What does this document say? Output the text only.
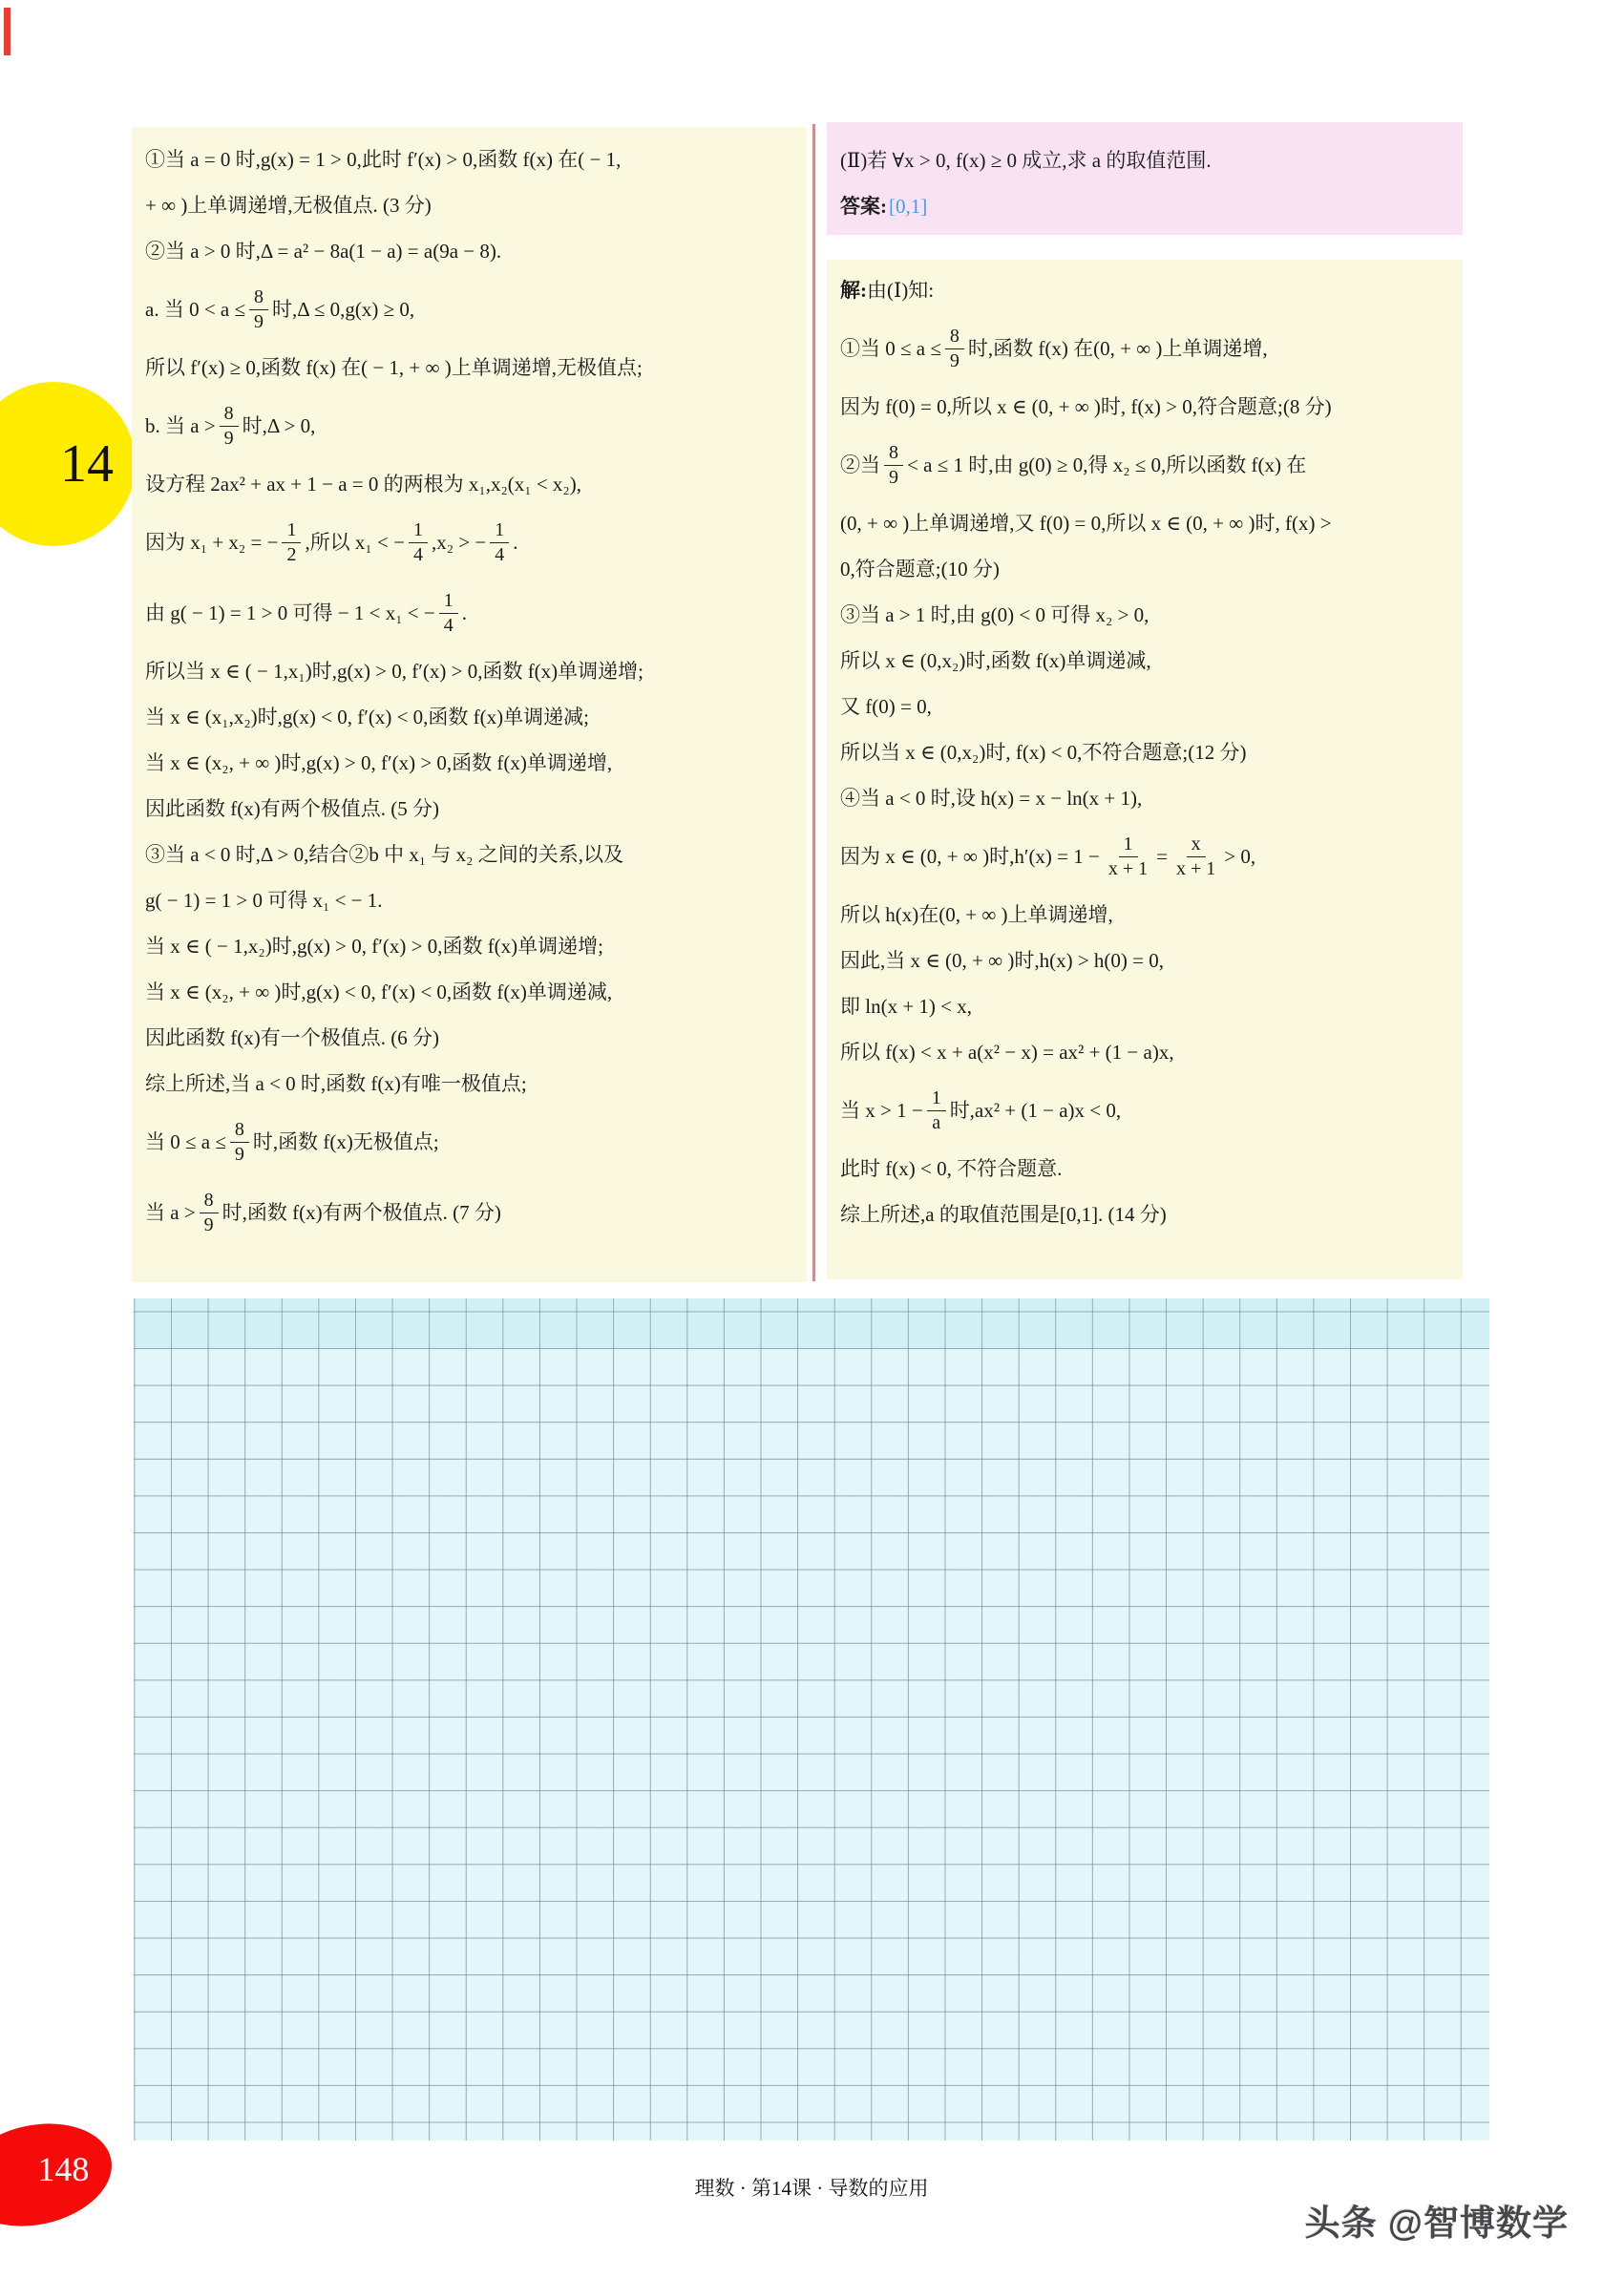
14
①当 a = 0 时,g(x) = 1 > 0,此时 f′(x) > 0,函数 f(x) 在( − 1,
+ ∞ )上单调递增,无极值点. (3 分)
②当 a > 0 时,Δ = a² − 8a(1 − a) = a(9a − 8).
a. 当 $0 < a \le \frac{8}{9}$ 时,Δ ≤ 0,g(x) ≥ 0,
所以 f′(x) ≥ 0,函数 f(x) 在( − 1, + ∞ )上单调递增,无极值点;
b. 当 $a > \frac{8}{9}$ 时,Δ > 0,
设方程 2ax² + ax + 1 − a = 0 的两根为 x₁,x₂(x₁ < x₂),
因为 x₁ + x₂ = − $\frac{1}{2}$ ,所以 x₁ < − $\frac{1}{4} ,x_2$ > − $\frac{1}{4}$ .
由 g( − 1) = 1 > 0 可得 − 1 < x₁ < − $\frac{1}{4}$ .
所以当 x ∈ ( − 1,x₁)时,g(x) > 0, f′(x) > 0,函数 f(x)单调递增;
当 x ∈ (x₁,x₂)时,g(x) < 0, f′(x) < 0,函数 f(x)单调递减;
当 x ∈ (x₂, + ∞ )时,g(x) > 0, f′(x) > 0,函数 f(x)单调递增,
因此函数 f(x)有两个极值点. (5 分)
③当 a < 0 时,Δ > 0,结合②b 中 x₁ 与 x₂ 之间的关系,以及
g( − 1) = 1 > 0 可得 x₁ < − 1.
当 x ∈ ( − 1,x₂)时,g(x) > 0, f′(x) > 0,函数 f(x)单调递增;
当 x ∈ (x₂, + ∞ )时,g(x) < 0, f′(x) < 0,函数 f(x)单调递减,
因此函数 f(x)有一个极值点. (6 分)
综上所述,当 a < 0 时,函数 f(x)有唯一极值点;
当 $0 \le a \le \frac{8}{9}$ 时,函数 f(x)无极值点;
当 $a > \frac{8}{9}$ 时,函数 f(x)有两个极值点. (7 分)
(Ⅱ)若 ∀x > 0, f(x) ≥ 0 成立,求 a 的取值范围.
答案: [0,1]
解: 由(Ⅰ)知:
①当 $0 \le a \le \frac{8}{9}$ 时,函数 f(x) 在(0, + ∞ )上单调递增,
因为 f(0) = 0,所以 x ∈ (0, + ∞ )时, f(x) > 0,符合题意;(8 分)
②当 $\frac{8}{9} < a \le 1$ 时,由 g(0) ≥ 0,得 x₂ ≤ 0,所以函数 f(x) 在
(0, + ∞ )上单调递增,又 f(0) = 0,所以 x ∈ (0, + ∞ )时, f(x) >
0,符合题意;(10 分)
③当 a > 1 时,由 g(0) < 0 可得 x₂ > 0,
所以 x ∈ (0,x₂)时,函数 f(x)单调递减,
又 f(0) = 0,
所以当 x ∈ (0,x₂)时, f(x) < 0,不符合题意;(12 分)
④当 a < 0 时,设 h(x) = x − ln(x + 1),
因为 x ∈ (0, + ∞ )时$,h'(x) = 1 - \frac{1}{x + 1} = \frac{x}{x + 1} > 0$,
所以 h(x)在(0, + ∞ )上单调递增,
因此,当 x ∈ (0, + ∞ )时,h(x) > h(0) = 0,
即 ln(x + 1) < x,
所以 f(x) < x + a(x² − x) = ax² + (1 − a)x,
当 $x > 1 - \frac{1}{a}$ 时,ax² + (1 − a)x < 0,
此时 f(x) < 0, 不符合题意.
综上所述,a 的取值范围是[0,1]. (14 分)
148
理数 · 第14课 · 导数的应用
头条 @智博数学
